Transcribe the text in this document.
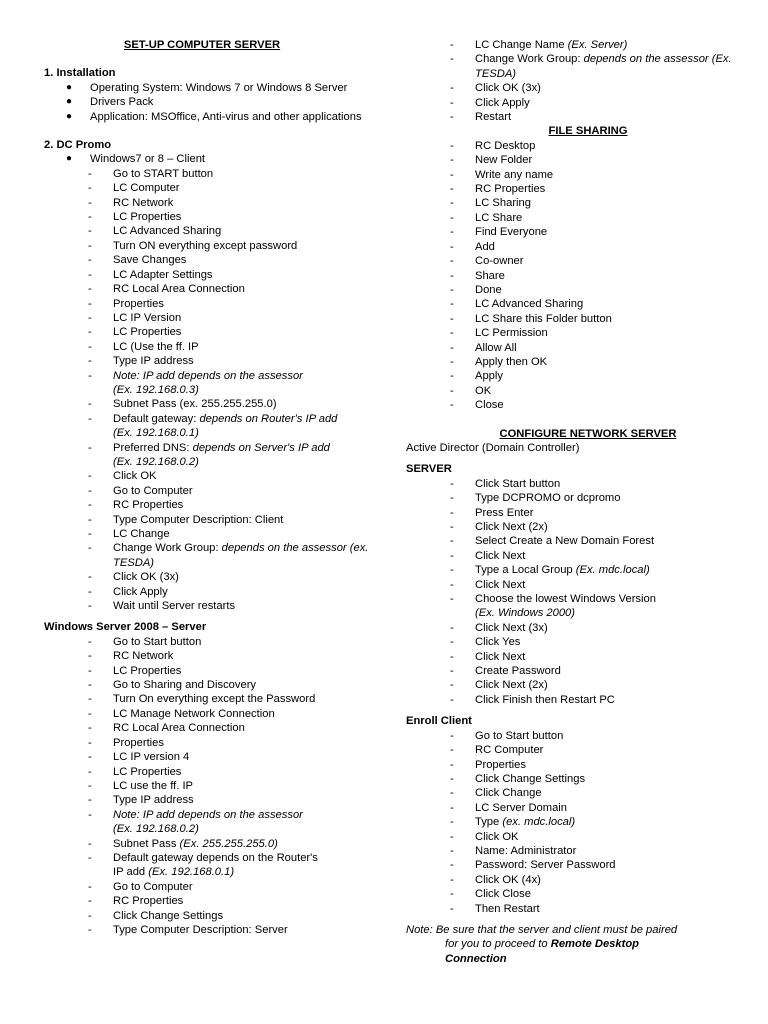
SET-UP COMPUTER SERVER
1. Installation
● Operating System: Windows 7 or Windows 8 Server
● Drivers Pack
● Application: MSOffice, Anti-virus and other applications
2. DC Promo
● Windows7 or 8 – Client
- Go to START button
- LC Computer
- RC Network
- LC Properties
- LC Advanced Sharing
- Turn ON everything except password
- Save Changes
- LC Adapter Settings
- RC Local Area Connection
- Properties
- LC IP Version
- LC Properties
- LC (Use the ff. IP
- Type IP address
- Note: IP add depends on the assessor
(Ex. 192.168.0.3)
- Subnet Pass (ex. 255.255.255.0)
- Default gateway: depends on Router's IP add
(Ex. 192.168.0.1)
- Preferred DNS: depends on Server's IP add
(Ex. 192.168.0.2)
- Click OK
- Go to Computer
- RC Properties
- Type Computer Description: Client
- LC Change
- Change Work Group: depends on the assessor (ex. TESDA)
- Click OK (3x)
- Click Apply
- Wait until Server restarts
Windows Server 2008 – Server
- Go to Start button
- RC Network
- LC Properties
- Go to Sharing and Discovery
- Turn On everything except the Password
- LC Manage Network Connection
- RC Local Area Connection
- Properties
- LC IP version 4
- LC Properties
- LC use the ff. IP
- Type IP address
- Note: IP add depends on the assessor
(Ex. 192.168.0.2)
- Subnet Pass (Ex. 255.255.255.0)
- Default gateway depends on the Router's
IP add (Ex. 192.168.0.1)
- Go to Computer
- RC Properties
- Click Change Settings
- Type Computer Description: Server
- LC Change Name (Ex. Server)
- Change Work Group: depends on the assessor (Ex. TESDA)
- Click OK (3x)
- Click Apply
- Restart
FILE SHARING
- RC Desktop
- New Folder
- Write any name
- RC Properties
- LC Sharing
- LC Share
- Find Everyone
- Add
- Co-owner
- Share
- Done
- LC Advanced Sharing
- LC Share this Folder button
- LC Permission
- Allow All
- Apply then OK
- Apply
- OK
- Close
CONFIGURE NETWORK SERVER
Active Director (Domain Controller)
SERVER
- Click Start button
- Type DCPROMO or dcpromo
- Press Enter
- Click Next (2x)
- Select Create a New Domain Forest
- Click Next
- Type a Local Group (Ex. mdc.local)
- Click Next
- Choose the lowest Windows Version
(Ex. Windows 2000)
- Click Next (3x)
- Click Yes
- Click Next
- Create Password
- Click Next (2x)
- Click Finish then Restart PC
Enroll Client
- Go to Start button
- RC Computer
- Properties
- Click Change Settings
- Click Change
- LC Server Domain
- Type (ex. mdc.local)
- Click OK
- Name: Administrator
- Password: Server Password
- Click OK (4x)
- Click Close
- Then Restart
Note: Be sure that the server and client must be paired
for you to proceed to Remote Desktop
Connection
